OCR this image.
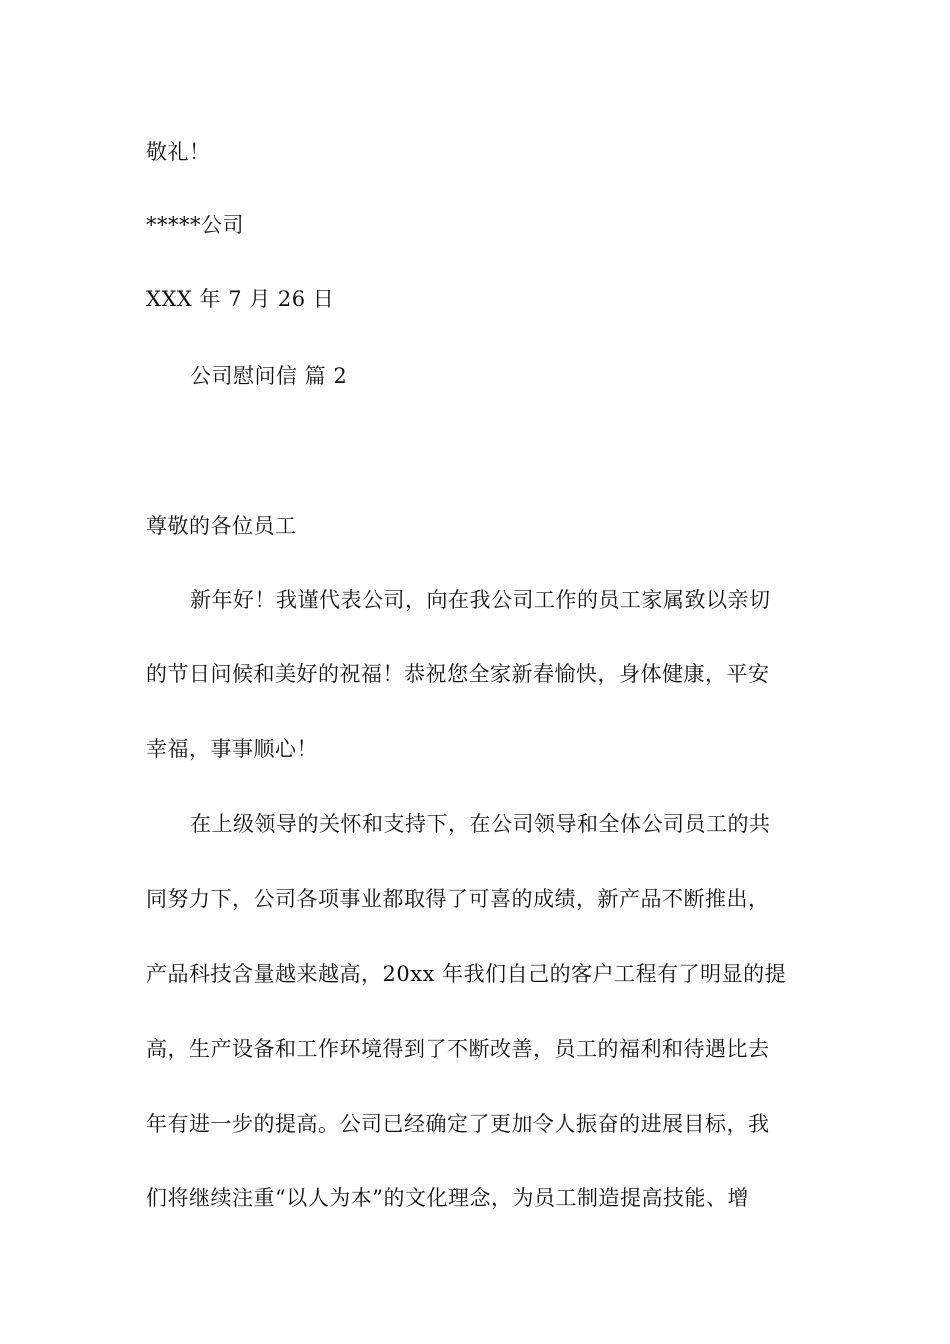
敬礼！
*****公司
XXX 年 7 月 26 日
公司慰问信 篇 2
尊敬的各位员工
新年好！我谨代表公司，向在我公司工作的员工家属致以亲切
的节日问候和美好的祝福！恭祝您全家新春愉快，身体健康，平安
幸福，事事顺心！
在上级领导的关怀和支持下，在公司领导和全体公司员工的共
同努力下，公司各项事业都取得了可喜的成绩，新产品不断推出，
产品科技含量越来越高，20xx 年我们自己的客户工程有了明显的提
高，生产设备和工作环境得到了不断改善，员工的福利和待遇比去
年有进一步的提高。公司已经确定了更加令人振奋的进展目标，我
们将继续注重“以人为本”的文化理念，为员工制造提高技能、增
